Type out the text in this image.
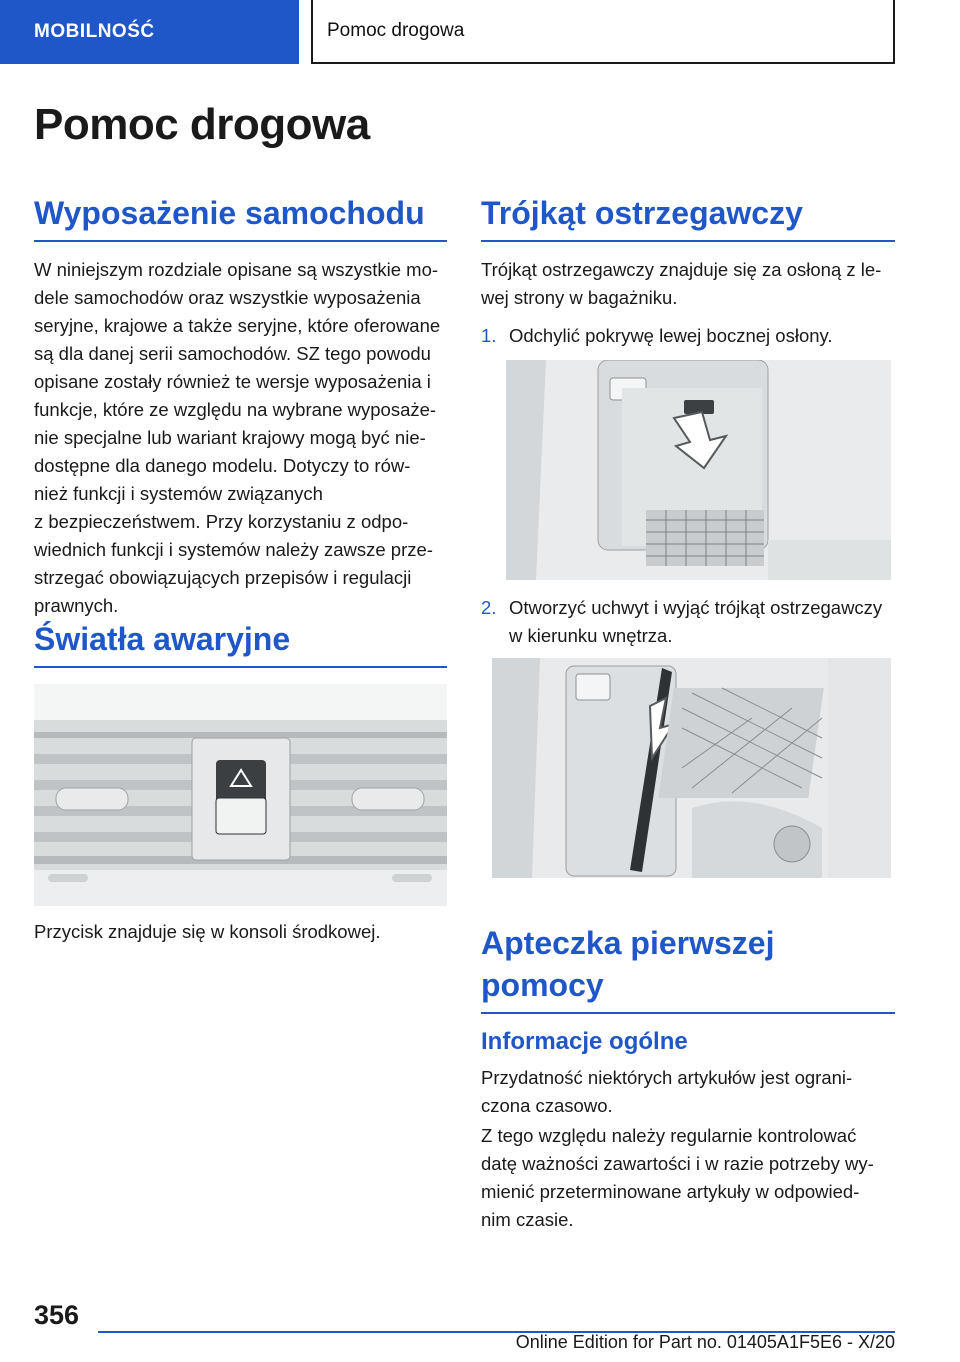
MOBILNOŚĆ	Pomoc drogowa
Pomoc drogowa
Wyposażenie samochodu

W niniejszym rozdziale opisane są wszystkie mo-
dele samochodów oraz wszystkie wyposażenia
seryjne, krajowe a także seryjne, które oferowane
są dla danej serii samochodów. SZ tego powodu
opisane zostały również te wersje wyposażenia i
funkcje, które ze względu na wybrane wyposaże-
nie specjalne lub wariant krajowy mogą być nie-
dostępne dla danego modelu. Dotyczy to rów-
nież funkcji i systemów związanych
z bezpieczeństwem. Przy korzystaniu z odpo-
wiednich funkcji i systemów należy zawsze prze-
strzegać obowiązujących przepisów i regulacji
prawnych.

Światła awaryjne

Przycisk znajduje się w konsoli środkowej.

Trójkąt ostrzegawczy

Trójkąt ostrzegawczy znajduje się za osłoną z le-
wej strony w bagażniku.

1. Odchylić pokrywę lewej bocznej osłony.
2. Otworzyć uchwyt i wyjąć trójkąt ostrzegawczy
w kierunku wnętrza.
Apteczka pierwszej
pomocy
Informacje ogólne

Przydatność niektórych artykułów jest ograni-
czona czasowo.

Z tego względu należy regularnie kontrolować
datę ważności zawartości i w razie potrzeby wy-
mienić przeterminowane artykuły w odpowied-
nim czasie.

356
Online Edition for Part no. 01405A1F5E6 - X/20
